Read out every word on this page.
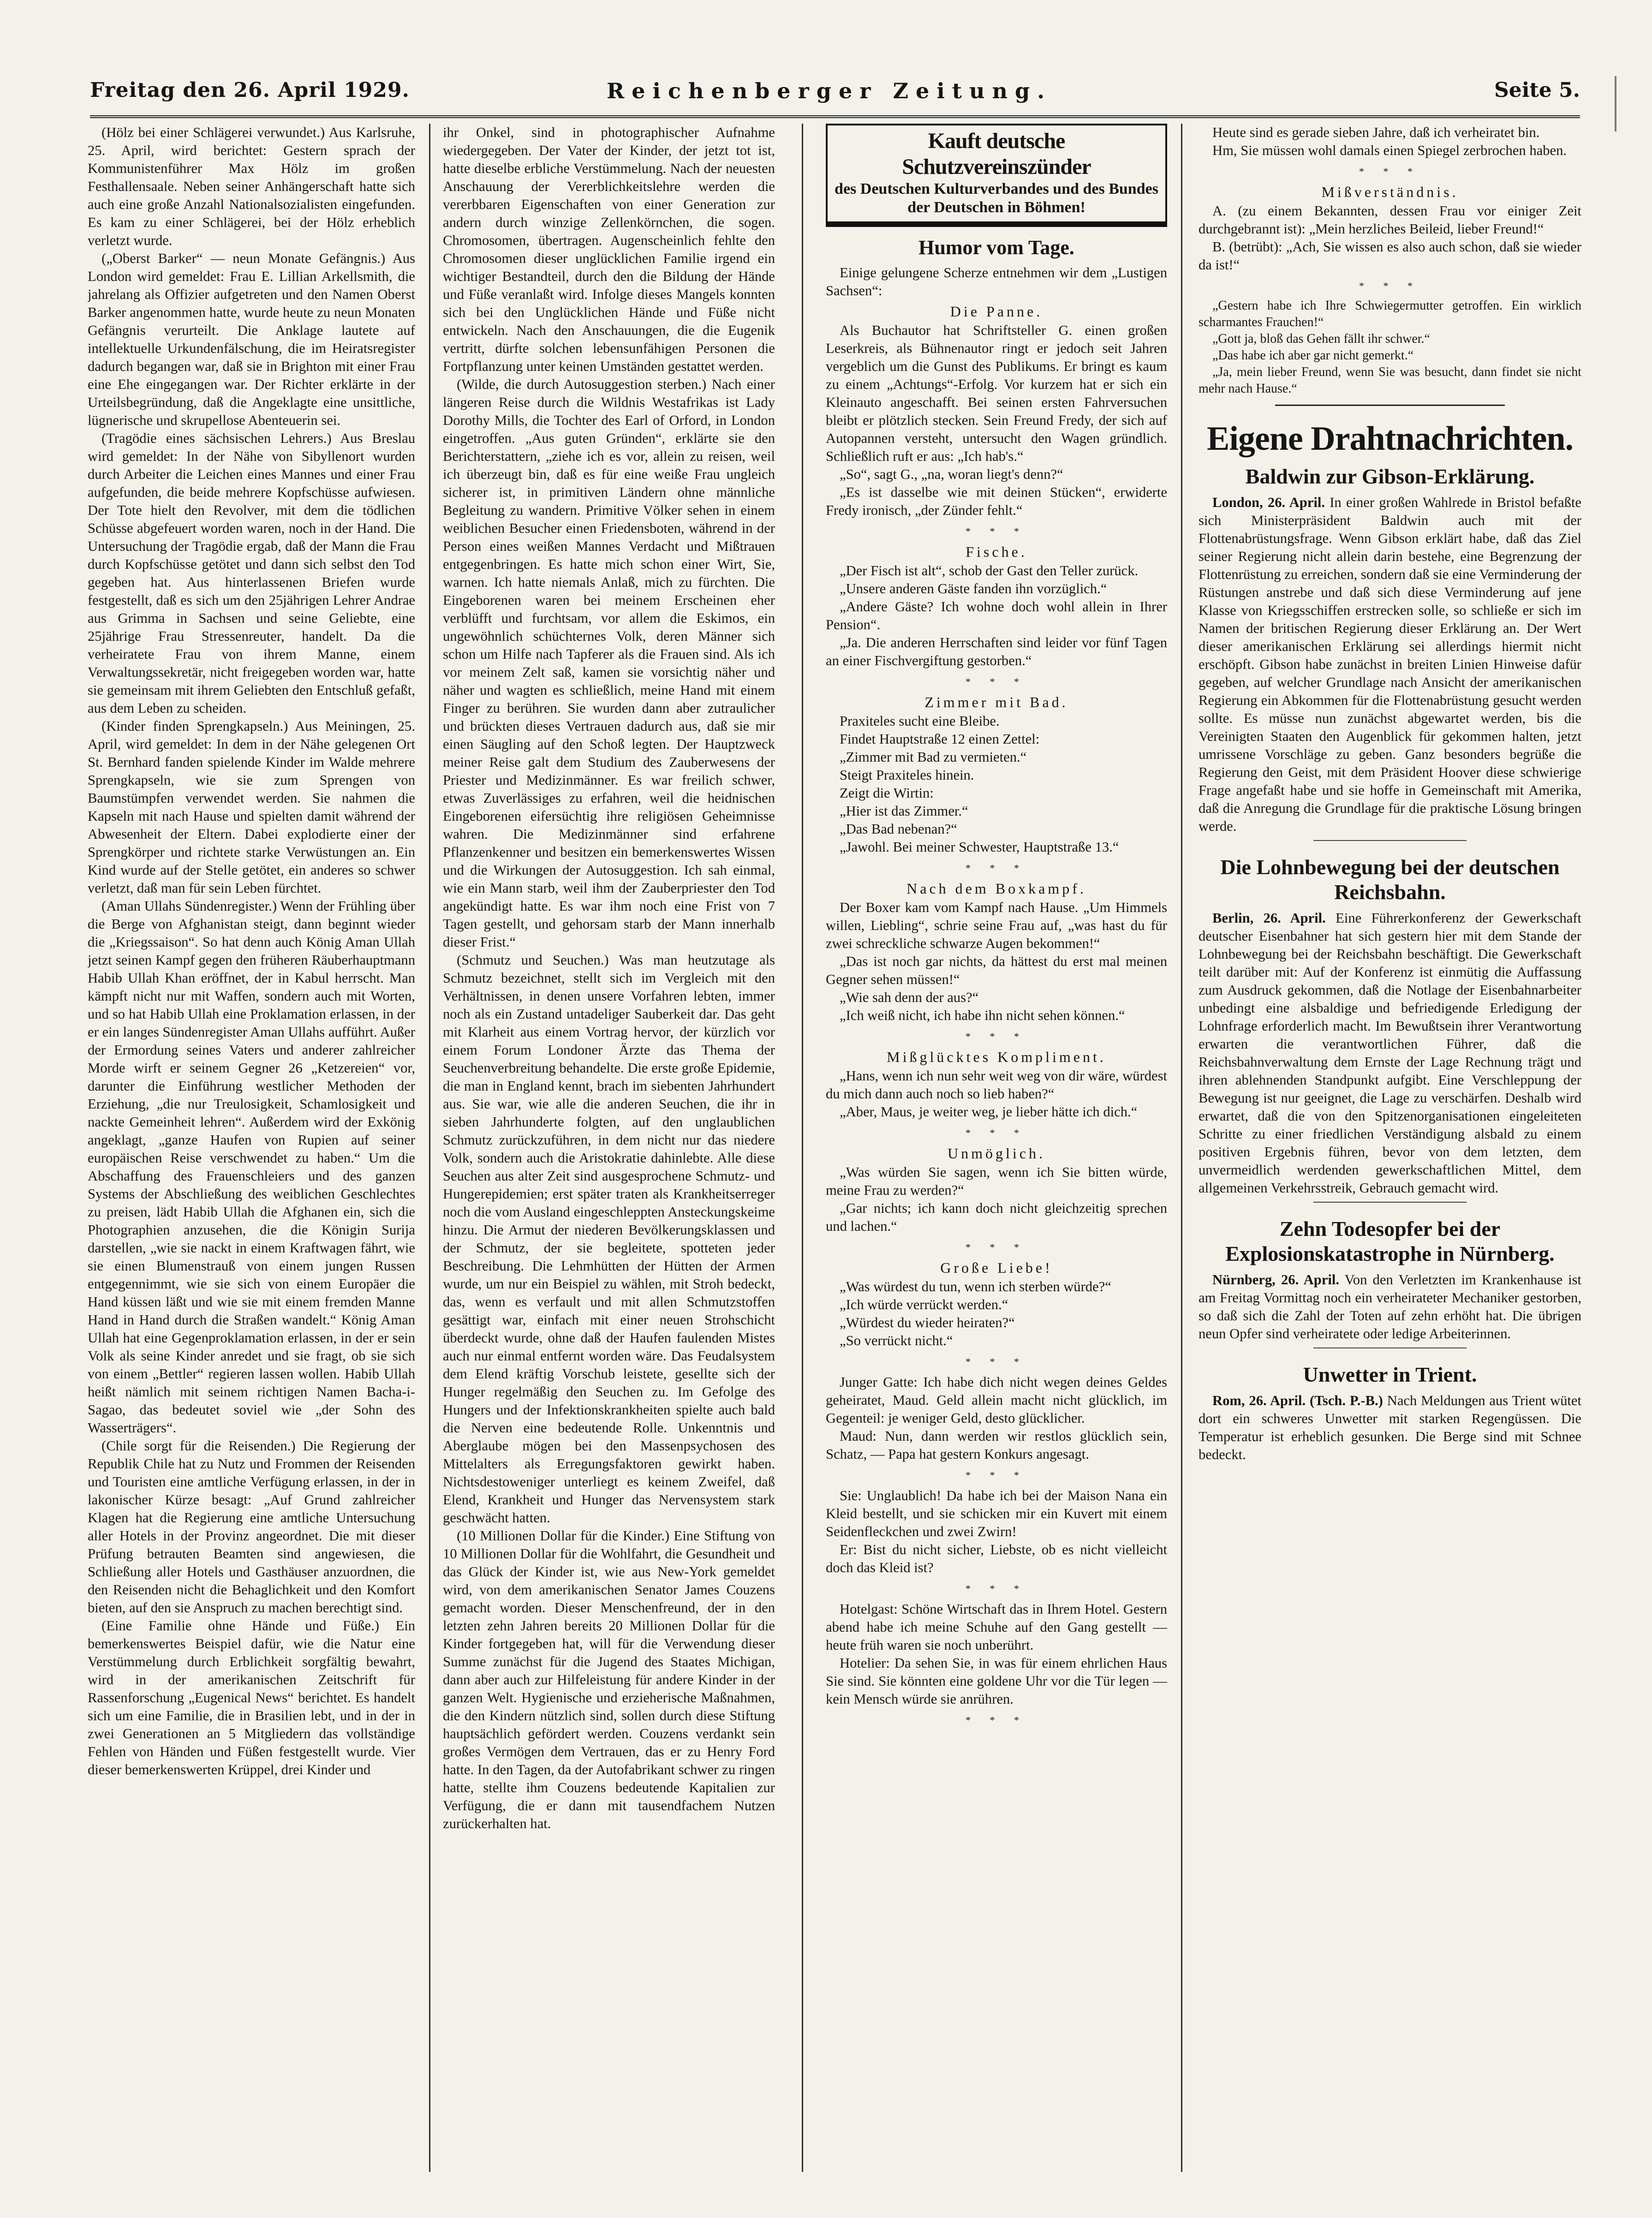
Freitag den 26. April 1929.	Reichenberger Zeitung.	Seite 5.

(Hölz bei einer Schlägerei verwundet.) Aus Karlsruhe, 25. April, wird berichtet: Gestern sprach der Kommunistenführer Max Hölz im großen Festhallensaale. Neben seiner Anhängerschaft hatte sich auch eine große Anzahl Nationalsozialisten eingefunden. Es kam zu einer Schlägerei, bei der Hölz erheblich verletzt wurde.

(„Oberst Barker“ — neun Monate Gefängnis.) Aus London wird gemeldet: Frau E. Lillian Arkellsmith, die jahrelang als Offizier aufgetreten und den Namen Oberst Barker angenommen hatte, wurde heute zu neun Monaten Gefängnis verurteilt. Die Anklage lautete auf intellektuelle Urkundenfälschung, die im Heiratsregister dadurch begangen war, daß sie in Brighton mit einer Frau eine Ehe eingegangen war. Der Richter erklärte in der Urteilsbegründung, daß die Angeklagte eine unsittliche, lügnerische und skrupellose Abenteuerin sei.

(Tragödie eines sächsischen Lehrers.) Aus Breslau wird gemeldet: In der Nähe von Sibyllenort wurden durch Arbeiter die Leichen eines Mannes und einer Frau aufgefunden, die beide mehrere Kopfschüsse aufwiesen. Der Tote hielt den Revolver, mit dem die tödlichen Schüsse abgefeuert worden waren, noch in der Hand. Die Untersuchung der Tragödie ergab, daß der Mann die Frau durch Kopfschüsse getötet und dann sich selbst den Tod gegeben hat. Aus hinterlassenen Briefen wurde festgestellt, daß es sich um den 25jährigen Lehrer Andrae aus Grimma in Sachsen und seine Geliebte, eine 25jährige Frau Stressenreuter, handelt. Da die verheiratete Frau von ihrem Manne, einem Verwaltungssekretär, nicht freigegeben worden war, hatte sie gemeinsam mit ihrem Geliebten den Entschluß gefaßt, aus dem Leben zu scheiden.

(Kinder finden Sprengkapseln.) Aus Meiningen, 25. April, wird gemeldet: In dem in der Nähe gelegenen Ort St. Bernhard fanden spielende Kinder im Walde mehrere Sprengkapseln, wie sie zum Sprengen von Baumstümpfen verwendet werden. Sie nahmen die Kapseln mit nach Hause und spielten damit während der Abwesenheit der Eltern. Dabei explodierte einer der Sprengkörper und richtete starke Verwüstungen an. Ein Kind wurde auf der Stelle getötet, ein anderes so schwer verletzt, daß man für sein Leben fürchtet.

(Aman Ullahs Sündenregister.) Wenn der Frühling über die Berge von Afghanistan steigt, dann beginnt wieder die „Kriegssaison“. So hat denn auch König Aman Ullah jetzt seinen Kampf gegen den früheren Räuberhauptmann Habib Ullah Khan eröffnet, der in Kabul herrscht. Man kämpft nicht nur mit Waffen, sondern auch mit Worten, und so hat Habib Ullah eine Proklamation erlassen, in der er ein langes Sündenregister Aman Ullahs aufführt. Außer der Ermordung seines Vaters und anderer zahlreicher Morde wirft er seinem Gegner 26 „Ketzereien“ vor, darunter die Einführung westlicher Methoden der Erziehung, „die nur Treulosigkeit, Schamlosigkeit und nackte Gemeinheit lehren“. Außerdem wird der Exkönig angeklagt, „ganze Haufen von Rupien auf seiner europäischen Reise verschwendet zu haben.“ Um die Abschaffung des Frauenschleiers und des ganzen Systems der Abschließung des weiblichen Geschlechtes zu preisen, lädt Habib Ullah die Afghanen ein, sich die Photographien anzusehen, die die Königin Surija darstellen, „wie sie nackt in einem Kraftwagen fährt, wie sie einen Blumenstrauß von einem jungen Russen entgegennimmt, wie sie sich von einem Europäer die Hand küssen läßt und wie sie mit einem fremden Manne Hand in Hand durch die Straßen wandelt.“ König Aman Ullah hat eine Gegenproklamation erlassen, in der er sein Volk als seine Kinder anredet und sie fragt, ob sie sich von einem „Bettler“ regieren lassen wollen. Habib Ullah heißt nämlich mit seinem richtigen Namen Bacha-i-Sagao, das bedeutet soviel wie „der Sohn des Wasserträgers“.

(Chile sorgt für die Reisenden.) Die Regierung der Republik Chile hat zu Nutz und Frommen der Reisenden und Touristen eine amtliche Verfügung erlassen, in der in lakonischer Kürze besagt: „Auf Grund zahlreicher Klagen hat die Regierung eine amtliche Untersuchung aller Hotels in der Provinz angeordnet. Die mit dieser Prüfung betrauten Beamten sind angewiesen, die Schließung aller Hotels und Gasthäuser anzuordnen, die den Reisenden nicht die Behaglichkeit und den Komfort bieten, auf den sie Anspruch zu machen berechtigt sind.

(Eine Familie ohne Hände und Füße.) Ein bemerkenswertes Beispiel dafür, wie die Natur eine Verstümmelung durch Erblichkeit sorgfältig bewahrt, wird in der amerikanischen Zeitschrift für Rassenforschung „Eugenical News“ berichtet. Es handelt sich um eine Familie, die in Brasilien lebt, und in der in zwei Generationen an 5 Mitgliedern das vollständige Fehlen von Händen und Füßen festgestellt wurde. Vier dieser bemerkenswerten Krüppel, drei Kinder und

ihr Onkel, sind in photographischer Aufnahme wiedergegeben. Der Vater der Kinder, der jetzt tot ist, hatte dieselbe erbliche Verstümmelung. Nach der neuesten Anschauung der Vererblichkeitslehre werden die vererbbaren Eigenschaften von einer Generation zur andern durch winzige Zellenkörnchen, die sogen. Chromosomen, übertragen. Augenscheinlich fehlte den Chromosomen dieser unglücklichen Familie irgend ein wichtiger Bestandteil, durch den die Bildung der Hände und Füße veranlaßt wird. Infolge dieses Mangels konnten sich bei den Unglücklichen Hände und Füße nicht entwickeln. Nach den Anschauungen, die die Eugenik vertritt, dürfte solchen lebensunfähigen Personen die Fortpflanzung unter keinen Umständen gestattet werden.

(Wilde, die durch Autosuggestion sterben.) Nach einer längeren Reise durch die Wildnis Westafrikas ist Lady Dorothy Mills, die Tochter des Earl of Orford, in London eingetroffen. „Aus guten Gründen“, erklärte sie den Berichterstattern, „ziehe ich es vor, allein zu reisen, weil ich überzeugt bin, daß es für eine weiße Frau ungleich sicherer ist, in primitiven Ländern ohne männliche Begleitung zu wandern. Primitive Völker sehen in einem weiblichen Besucher einen Friedensboten, während in der Person eines weißen Mannes Verdacht und Mißtrauen entgegenbringen. Es hatte mich schon einer Wirt, Sie, warnen. Ich hatte niemals Anlaß, mich zu fürchten. Die Eingeborenen waren bei meinem Erscheinen eher verblüfft und furchtsam, vor allem die Eskimos, ein ungewöhnlich schüchternes Volk, deren Männer sich schon um Hilfe nach Tapferer als die Frauen sind. Als ich vor meinem Zelt saß, kamen sie vorsichtig näher und näher und wagten es schließlich, meine Hand mit einem Finger zu berühren. Sie wurden dann aber zutraulicher und brückten dieses Vertrauen dadurch aus, daß sie mir einen Säugling auf den Schoß legten. Der Hauptzweck meiner Reise galt dem Studium des Zauberwesens der Priester und Medizinmänner. Es war freilich schwer, etwas Zuverlässiges zu erfahren, weil die heidnischen Eingeborenen eifersüchtig ihre religiösen Geheimnisse wahren. Die Medizinmänner sind erfahrene Pflanzenkenner und besitzen ein bemerkenswertes Wissen und die Wirkungen der Autosuggestion. Ich sah einmal, wie ein Mann starb, weil ihm der Zauberpriester den Tod angekündigt hatte. Es war ihm noch eine Frist von 7 Tagen gestellt, und gehorsam starb der Mann innerhalb dieser Frist.“

(Schmutz und Seuchen.) Was man heutzutage als Schmutz bezeichnet, stellt sich im Vergleich mit den Verhältnissen, in denen unsere Vorfahren lebten, immer noch als ein Zustand untadeliger Sauberkeit dar. Das geht mit Klarheit aus einem Vortrag hervor, der kürzlich vor einem Forum Londoner Ärzte das Thema der Seuchenverbreitung behandelte. Die erste große Epidemie, die man in England kennt, brach im siebenten Jahrhundert aus. Sie war, wie alle die anderen Seuchen, die ihr in sieben Jahrhunderte folgten, auf den unglaublichen Schmutz zurückzuführen, in dem nicht nur das niedere Volk, sondern auch die Aristokratie dahinlebte. Alle diese Seuchen aus alter Zeit sind ausgesprochene Schmutz- und Hungerepidemien; erst später traten als Krankheitserreger noch die vom Ausland eingeschleppten Ansteckungskeime hinzu. Die Armut der niederen Bevölkerungsklassen und der Schmutz, der sie begleitete, spotteten jeder Beschreibung. Die Lehmhütten der Hütten der Armen wurde, um nur ein Beispiel zu wählen, mit Stroh bedeckt, das, wenn es verfault und mit allen Schmutzstoffen gesättigt war, einfach mit einer neuen Strohschicht überdeckt wurde, ohne daß der Haufen faulenden Mistes auch nur einmal entfernt worden wäre. Das Feudalsystem dem Elend kräftig Vorschub leistete, gesellte sich der Hunger regelmäßig den Seuchen zu. Im Gefolge des Hungers und der Infektionskrankheiten spielte auch bald die Nerven eine bedeutende Rolle. Unkenntnis und Aberglaube mögen bei den Massenpsychosen des Mittelalters als Erregungsfaktoren gewirkt haben. Nichtsdestoweniger unterliegt es keinem Zweifel, daß Elend, Krankheit und Hunger das Nervensystem stark geschwächt hatten.

(10 Millionen Dollar für die Kinder.) Eine Stiftung von 10 Millionen Dollar für die Wohlfahrt, die Gesundheit und das Glück der Kinder ist, wie aus New-York gemeldet wird, von dem amerikanischen Senator James Couzens gemacht worden. Dieser Menschenfreund, der in den letzten zehn Jahren bereits 20 Millionen Dollar für die Kinder fortgegeben hat, will für die Verwendung dieser Summe zunächst für die Jugend des Staates Michigan, dann aber auch zur Hilfeleistung für andere Kinder in der ganzen Welt. Hygienische und erzieherische Maßnahmen, die den Kindern nützlich sind, sollen durch diese Stiftung hauptsächlich gefördert werden. Couzens verdankt sein großes Vermögen dem Vertrauen, das er zu Henry Ford hatte. In den Tagen, da der Autofabrikant schwer zu ringen hatte, stellte ihm Couzens bedeutende Kapitalien zur Verfügung, die er dann mit tausendfachem Nutzen zurückerhalten hat.

Kauft deutsche Schutzvereinszünder

des Deutschen Kulturverbandes und des Bundes der Deutschen in Böhmen!

Humor vom Tage.

Einige gelungene Scherze entnehmen wir dem „Lustigen Sachsen“:

Die Panne.

Als Buchautor hat Schriftsteller G. einen großen Leserkreis, als Bühnenautor ringt er jedoch seit Jahren vergeblich um die Gunst des Publikums. Er bringt es kaum zu einem „Achtungs“-Erfolg. Vor kurzem hat er sich ein Kleinauto angeschafft. Bei seinen ersten Fahrversuchen bleibt er plötzlich stecken. Sein Freund Fredy, der sich auf Autopannen versteht, untersucht den Wagen gründlich. Schließlich ruft er aus: „Ich hab's.“

„So“, sagt G., „na, woran liegt's denn?“

„Es ist dasselbe wie mit deinen Stücken“, erwiderte Fredy ironisch, „der Zünder fehlt.“

* * *

Fische.

„Der Fisch ist alt“, schob der Gast den Teller zurück.

„Unsere anderen Gäste fanden ihn vorzüglich.“

„Andere Gäste? Ich wohne doch wohl allein in Ihrer Pension“.

„Ja. Die anderen Herrschaften sind leider vor fünf Tagen an einer Fischvergiftung gestorben.“

* * *

Zimmer mit Bad.

Praxiteles sucht eine Bleibe.

Findet Hauptstraße 12 einen Zettel:

„Zimmer mit Bad zu vermieten.“

Steigt Praxiteles hinein.

Zeigt die Wirtin:

„Hier ist das Zimmer.“

„Das Bad nebenan?“

„Jawohl. Bei meiner Schwester, Hauptstraße 13.“

* * *

Nach dem Boxkampf.

Der Boxer kam vom Kampf nach Hause. „Um Himmels willen, Liebling“, schrie seine Frau auf, „was hast du für zwei schreckliche schwarze Augen bekommen!“

„Das ist noch gar nichts, da hättest du erst mal meinen Gegner sehen müssen!“

„Wie sah denn der aus?“

„Ich weiß nicht, ich habe ihn nicht sehen können.“

* * *

Mißglücktes Kompliment.

„Hans, wenn ich nun sehr weit weg von dir wäre, würdest du mich dann auch noch so lieb haben?“

„Aber, Maus, je weiter weg, je lieber hätte ich dich.“

* * *

Unmöglich.

„Was würden Sie sagen, wenn ich Sie bitten würde, meine Frau zu werden?“

„Gar nichts; ich kann doch nicht gleichzeitig sprechen und lachen.“

* * *

Große Liebe!

„Was würdest du tun, wenn ich sterben würde?“

„Ich würde verrückt werden.“

„Würdest du wieder heiraten?“

„So verrückt nicht.“

* * *

Junger Gatte: Ich habe dich nicht wegen deines Geldes geheiratet, Maud. Geld allein macht nicht glücklich, im Gegenteil: je weniger Geld, desto glücklicher.

Maud: Nun, dann werden wir restlos glücklich sein, Schatz, — Papa hat gestern Konkurs angesagt.

* * *

Sie: Unglaublich! Da habe ich bei der Maison Nana ein Kleid bestellt, und sie schicken mir ein Kuvert mit einem Seidenfleckchen und zwei Zwirn!

Er: Bist du nicht sicher, Liebste, ob es nicht vielleicht doch das Kleid ist?

* * *

Hotelgast: Schöne Wirtschaft das in Ihrem Hotel. Gestern abend habe ich meine Schuhe auf den Gang gestellt — heute früh waren sie noch unberührt.

Hotelier: Da sehen Sie, in was für einem ehrlichen Haus Sie sind. Sie könnten eine goldene Uhr vor die Tür legen — kein Mensch würde sie anrühren.

* * *

Heute sind es gerade sieben Jahre, daß ich verheiratet bin.

Hm, Sie müssen wohl damals einen Spiegel zerbrochen haben.

* * *

Mißverständnis.

A. (zu einem Bekannten, dessen Frau vor einiger Zeit durchgebrannt ist): „Mein herzliches Beileid, lieber Freund!“

B. (betrübt): „Ach, Sie wissen es also auch schon, daß sie wieder da ist!“

* * *

„Gestern habe ich Ihre Schwiegermutter getroffen. Ein wirklich scharmantes Frauchen!“

„Gott ja, bloß das Gehen fällt ihr schwer.“

„Das habe ich aber gar nicht gemerkt.“

„Ja, mein lieber Freund, wenn Sie was besucht, dann findet sie nicht mehr nach Hause.“

Eigene Drahtnachrichten.

Baldwin zur Gibson-Erklärung.

London, 26. April. In einer großen Wahlrede in Bristol befaßte sich Ministerpräsident Baldwin auch mit der Flottenabrüstungsfrage. Wenn Gibson erklärt habe, daß das Ziel seiner Regierung nicht allein darin bestehe, eine Begrenzung der Flottenrüstung zu erreichen, sondern daß sie eine Verminderung der Rüstungen anstrebe und daß sich diese Verminderung auf jene Klasse von Kriegsschiffen erstrecken solle, so schließe er sich im Namen der britischen Regierung dieser Erklärung an. Der Wert dieser amerikanischen Erklärung sei allerdings hiermit nicht erschöpft. Gibson habe zunächst in breiten Linien Hinweise dafür gegeben, auf welcher Grundlage nach Ansicht der amerikanischen Regierung ein Abkommen für die Flottenabrüstung gesucht werden sollte. Es müsse nun zunächst abgewartet werden, bis die Vereinigten Staaten den Augenblick für gekommen halten, jetzt umrissene Vorschläge zu geben. Ganz besonders begrüße die Regierung den Geist, mit dem Präsident Hoover diese schwierige Frage angefaßt habe und sie hoffe in Gemeinschaft mit Amerika, daß die Anregung die Grundlage für die praktische Lösung bringen werde.

Die Lohnbewegung bei der deutschen Reichsbahn.

Berlin, 26. April. Eine Führerkonferenz der Gewerkschaft deutscher Eisenbahner hat sich gestern hier mit dem Stande der Lohnbewegung bei der Reichsbahn beschäftigt. Die Gewerkschaft teilt darüber mit: Auf der Konferenz ist einmütig die Auffassung zum Ausdruck gekommen, daß die Notlage der Eisenbahnarbeiter unbedingt eine alsbaldige und befriedigende Erledigung der Lohnfrage erforderlich macht. Im Bewußtsein ihrer Verantwortung erwarten die verantwortlichen Führer, daß die Reichsbahnverwaltung dem Ernste der Lage Rechnung trägt und ihren ablehnenden Standpunkt aufgibt. Eine Verschleppung der Bewegung ist nur geeignet, die Lage zu verschärfen. Deshalb wird erwartet, daß die von den Spitzenorganisationen eingeleiteten Schritte zu einer friedlichen Verständigung alsbald zu einem positiven Ergebnis führen, bevor von dem letzten, dem unvermeidlich werdenden gewerkschaftlichen Mittel, dem allgemeinen Verkehrsstreik, Gebrauch gemacht wird.

Zehn Todesopfer bei der Explosionskatastrophe in Nürnberg.

Nürnberg, 26. April. Von den Verletzten im Krankenhause ist am Freitag Vormittag noch ein verheirateter Mechaniker gestorben, so daß sich die Zahl der Toten auf zehn erhöht hat. Die übrigen neun Opfer sind verheiratete oder ledige Arbeiterinnen.

Unwetter in Trient.

Rom, 26. April. (Tsch. P.-B.) Nach Meldungen aus Trient wütet dort ein schweres Unwetter mit starken Regengüssen. Die Temperatur ist erheblich gesunken. Die Berge sind mit Schnee bedeckt.
